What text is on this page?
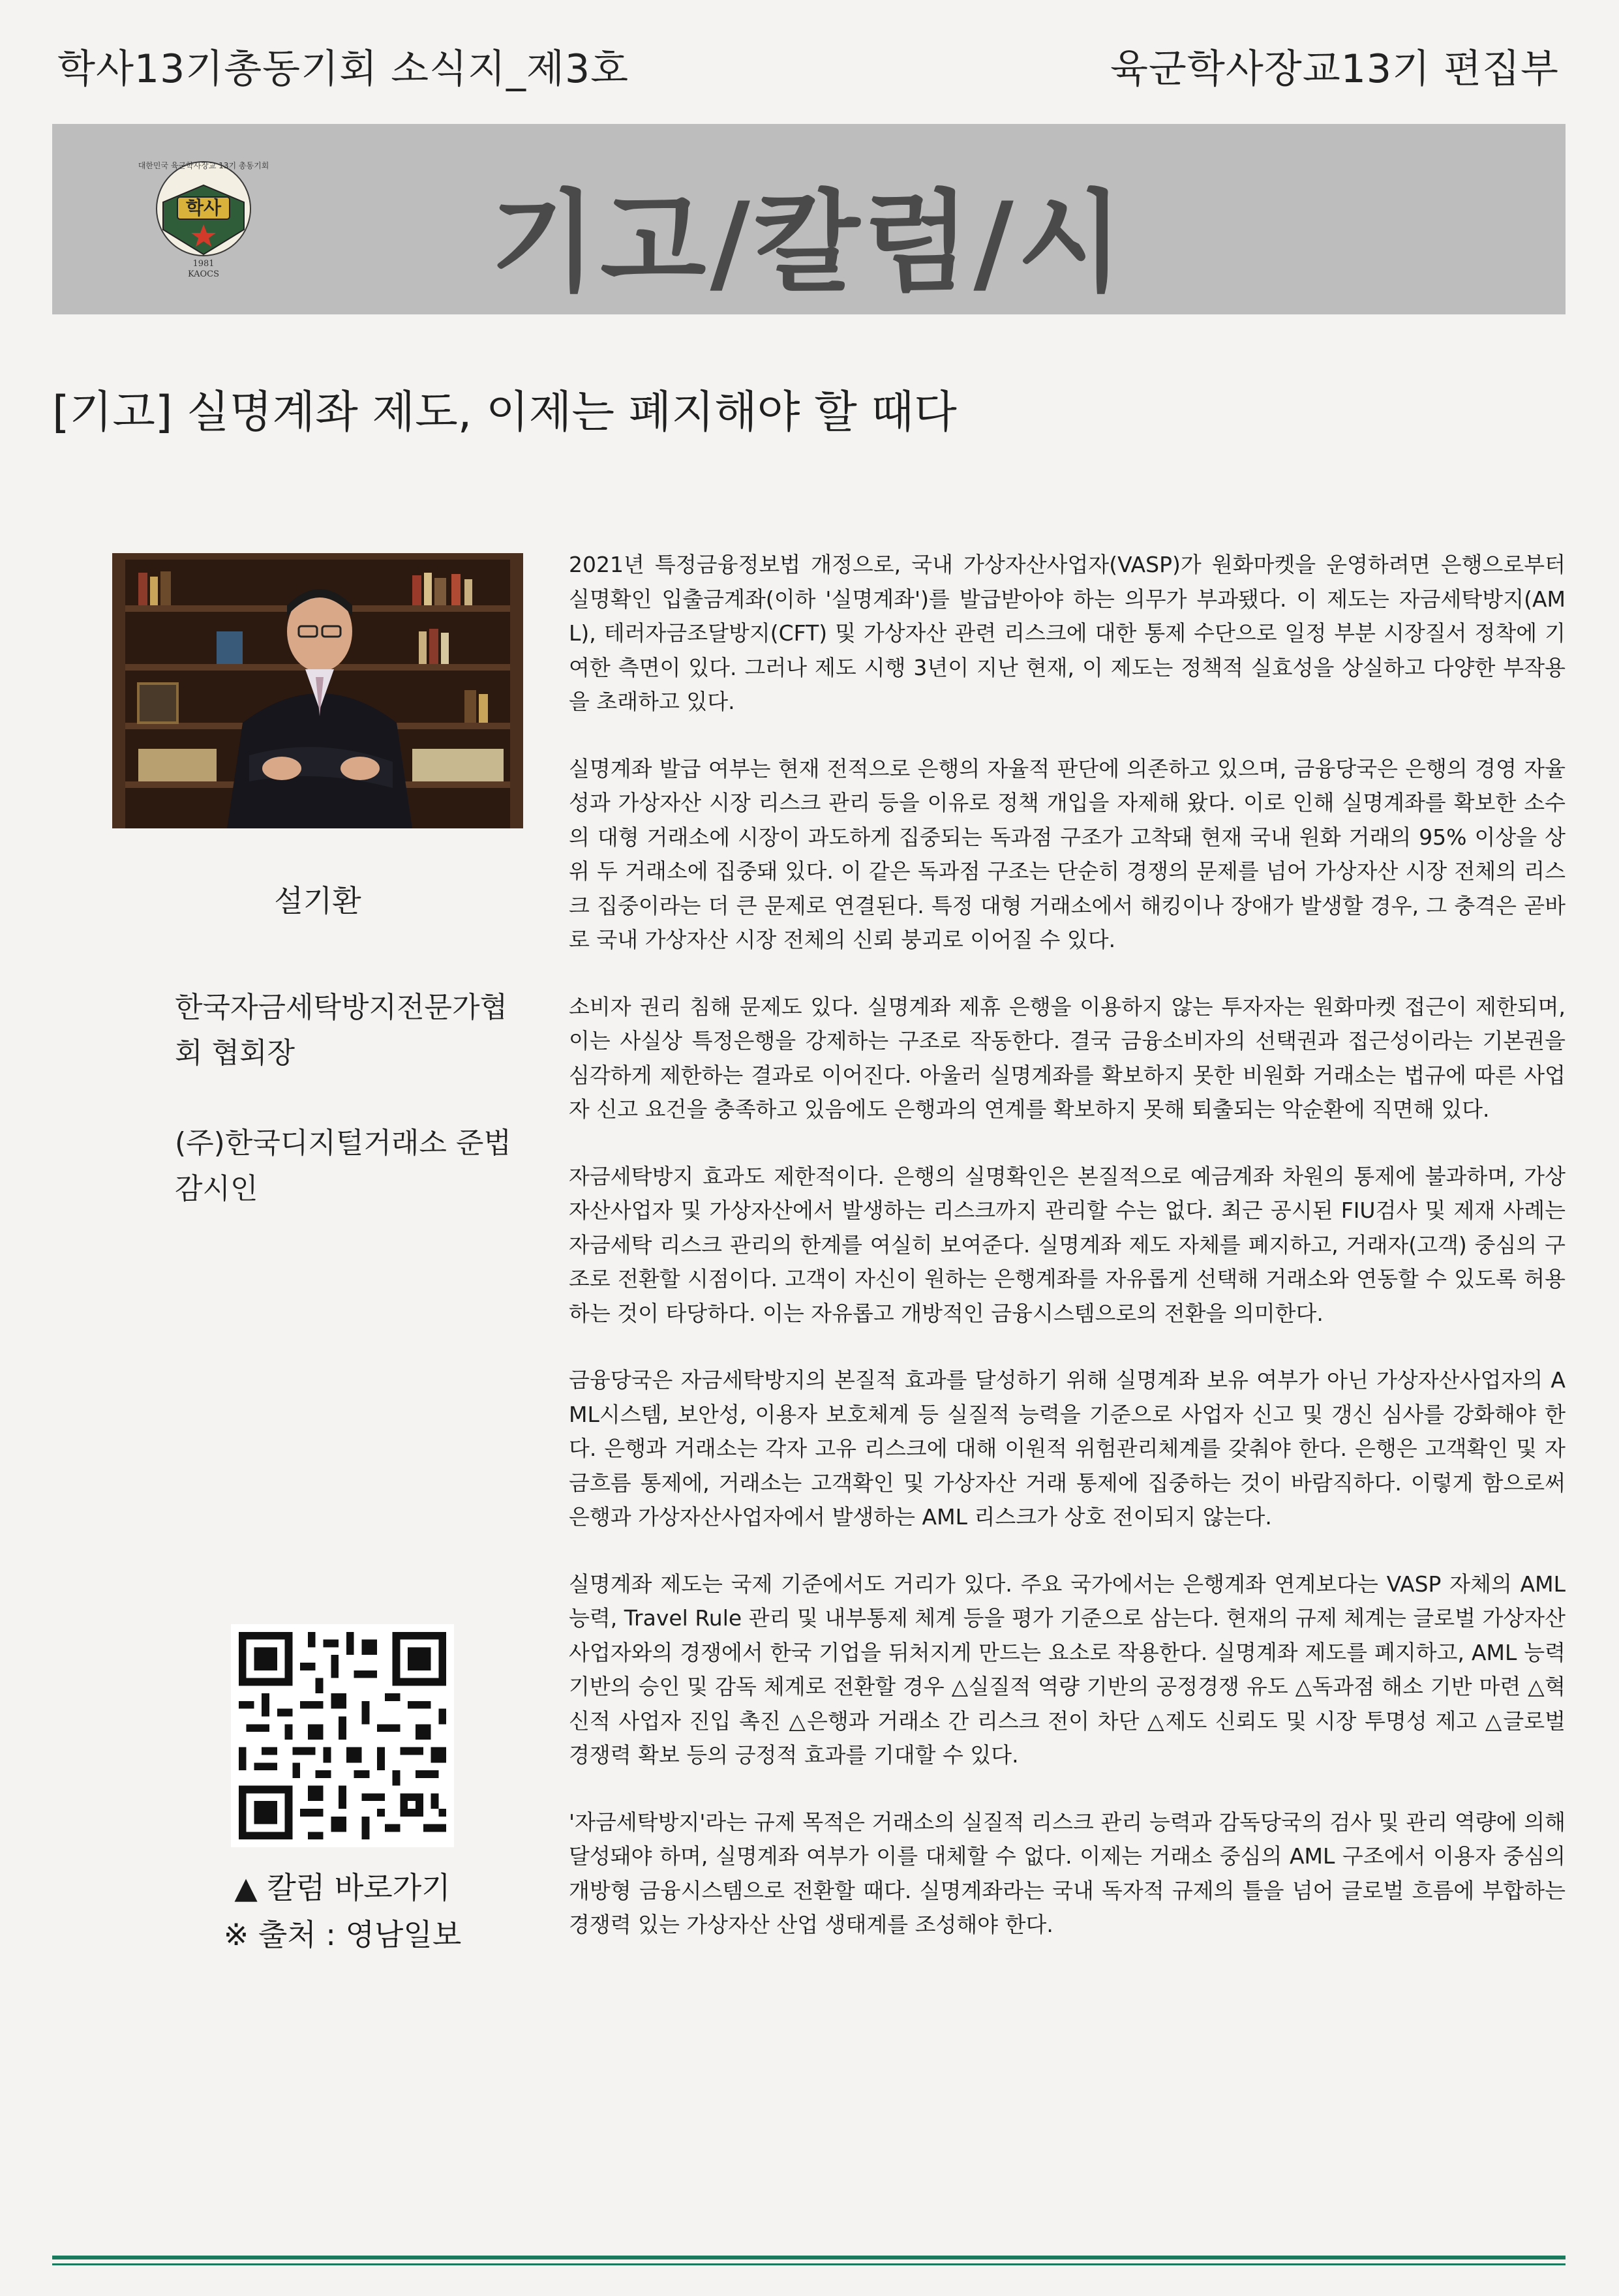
학사13기총동기회 소식지_제3호	육군학사장교13기 편집부
학사
대한민국 육군학사장교 13기 총동기회
1981
KAOCS	기고/칼럼/시
[기고] 실명계좌 제도, 이제는 폐지해야 할 때다
설기환
한국자금세탁방지전문가협회 협회장
(주)한국디지털거래소 준법감시인
▲ 칼럼 바로가기
※ 출처 : 영남일보

2021년 특정금융정보법 개정으로, 국내 가상자산사업자(VASP)가 원화마켓을 운영하려면 은행으로부터 실명확인 입출금계좌(이하 '실명계좌')를 발급받아야 하는 의무가 부과됐다. 이 제도는 자금세탁방지(AML), 테러자금조달방지(CFT) 및 가상자산 관련 리스크에 대한 통제 수단으로 일정 부분 시장질서 정착에 기여한 측면이 있다. 그러나 제도 시행 3년이 지난 현재, 이 제도는 정책적 실효성을 상실하고 다양한 부작용을 초래하고 있다.

실명계좌 발급 여부는 현재 전적으로 은행의 자율적 판단에 의존하고 있으며, 금융당국은 은행의 경영 자율성과 가상자산 시장 리스크 관리 등을 이유로 정책 개입을 자제해 왔다. 이로 인해 실명계좌를 확보한 소수의 대형 거래소에 시장이 과도하게 집중되는 독과점 구조가 고착돼 현재 국내 원화 거래의 95% 이상을 상위 두 거래소에 집중돼 있다. 이 같은 독과점 구조는 단순히 경쟁의 문제를 넘어 가상자산 시장 전체의 리스크 집중이라는 더 큰 문제로 연결된다. 특정 대형 거래소에서 해킹이나 장애가 발생할 경우, 그 충격은 곧바로 국내 가상자산 시장 전체의 신뢰 붕괴로 이어질 수 있다.

소비자 권리 침해 문제도 있다. 실명계좌 제휴 은행을 이용하지 않는 투자자는 원화마켓 접근이 제한되며, 이는 사실상 특정은행을 강제하는 구조로 작동한다. 결국 금융소비자의 선택권과 접근성이라는 기본권을 심각하게 제한하는 결과로 이어진다. 아울러 실명계좌를 확보하지 못한 비원화 거래소는 법규에 따른 사업자 신고 요건을 충족하고 있음에도 은행과의 연계를 확보하지 못해 퇴출되는 악순환에 직면해 있다.

자금세탁방지 효과도 제한적이다. 은행의 실명확인은 본질적으로 예금계좌 차원의 통제에 불과하며, 가상자산사업자 및 가상자산에서 발생하는 리스크까지 관리할 수는 없다. 최근 공시된 FIU검사 및 제재 사례는 자금세탁 리스크 관리의 한계를 여실히 보여준다. 실명계좌 제도 자체를 폐지하고, 거래자(고객) 중심의 구조로 전환할 시점이다. 고객이 자신이 원하는 은행계좌를 자유롭게 선택해 거래소와 연동할 수 있도록 허용하는 것이 타당하다. 이는 자유롭고 개방적인 금융시스템으로의 전환을 의미한다.

금융당국은 자금세탁방지의 본질적 효과를 달성하기 위해 실명계좌 보유 여부가 아닌 가상자산사업자의 AML시스템, 보안성, 이용자 보호체계 등 실질적 능력을 기준으로 사업자 신고 및 갱신 심사를 강화해야 한다. 은행과 거래소는 각자 고유 리스크에 대해 이원적 위험관리체계를 갖춰야 한다. 은행은 고객확인 및 자금흐름 통제에, 거래소는 고객확인 및 가상자산 거래 통제에 집중하는 것이 바람직하다. 이렇게 함으로써 은행과 가상자산사업자에서 발생하는 AML 리스크가 상호 전이되지 않는다.

실명계좌 제도는 국제 기준에서도 거리가 있다. 주요 국가에서는 은행계좌 연계보다는 VASP 자체의 AML 능력, Travel Rule 관리 및 내부통제 체계 등을 평가 기준으로 삼는다. 현재의 규제 체계는 글로벌 가상자산 사업자와의 경쟁에서 한국 기업을 뒤처지게 만드는 요소로 작용한다. 실명계좌 제도를 폐지하고, AML 능력 기반의 승인 및 감독 체계로 전환할 경우 △실질적 역량 기반의 공정경쟁 유도 △독과점 해소 기반 마련 △혁신적 사업자 진입 촉진 △은행과 거래소 간 리스크 전이 차단 △제도 신뢰도 및 시장 투명성 제고 △글로벌 경쟁력 확보 등의 긍정적 효과를 기대할 수 있다.

'자금세탁방지'라는 규제 목적은 거래소의 실질적 리스크 관리 능력과 감독당국의 검사 및 관리 역량에 의해 달성돼야 하며, 실명계좌 여부가 이를 대체할 수 없다. 이제는 거래소 중심의 AML 구조에서 이용자 중심의 개방형 금융시스템으로 전환할 때다. 실명계좌라는 국내 독자적 규제의 틀을 넘어 글로벌 흐름에 부합하는 경쟁력 있는 가상자산 산업 생태계를 조성해야 한다.
